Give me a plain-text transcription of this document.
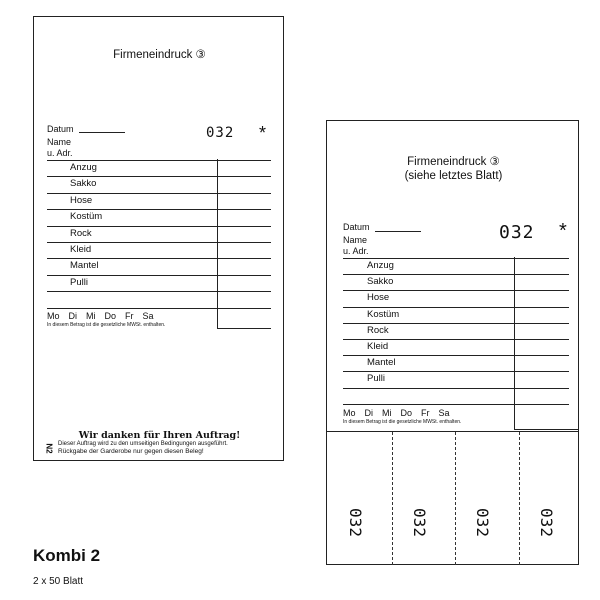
Firmeneindruck ③
Datum
Name
u. Adr.
032 *
Anzug
Sakko
Hose
Kostüm
Rock
Kleid
Mantel
Pulli
Mo Di Mi Do Fr Sa
In diesem Betrag ist die gesetzliche MWSt. enthalten.
Wir danken für Ihren Auftrag!
Dieser Auftrag wird zu den umseitigen Bedingungen ausgeführt.
Rückgabe der Garderobe nur gegen diesen Beleg!
N2
Firmeneindruck ③
(siehe letztes Blatt)
Datum
Name
u. Adr.
032 *
Anzug
Sakko
Hose
Kostüm
Rock
Kleid
Mantel
Pulli
Mo Di Mi Do Fr Sa
In diesem Betrag ist die gesetzliche MWSt. enthalten.
032	032	032	032
Kombi 2
2 x 50 Blatt
